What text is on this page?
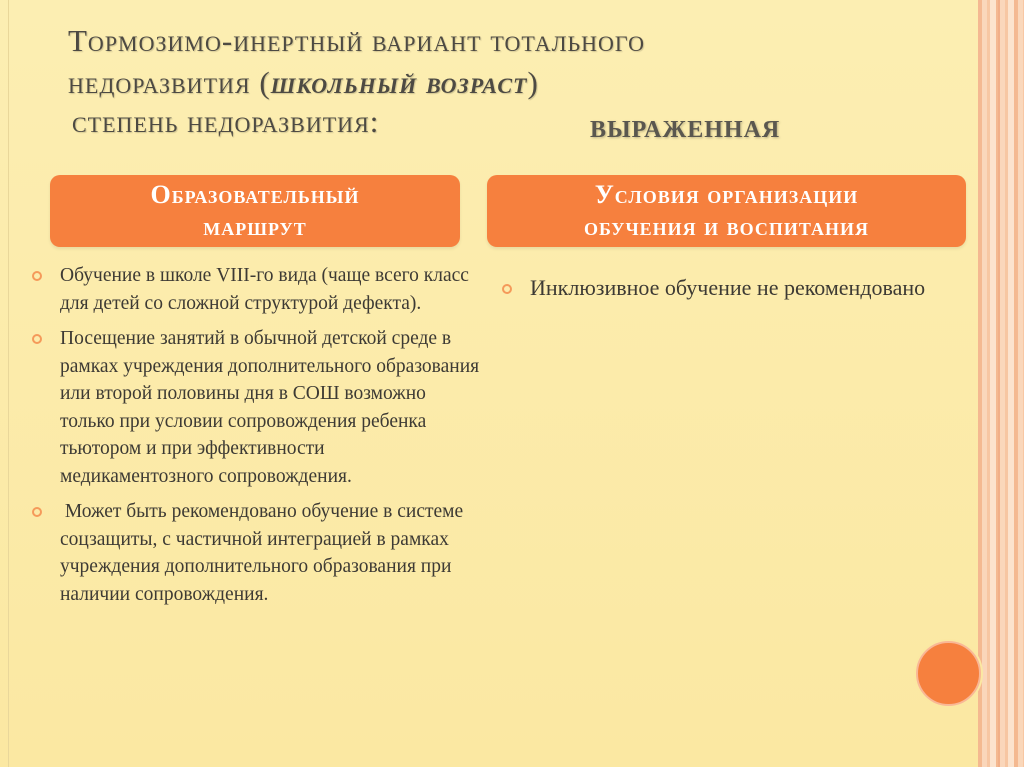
Тормозимо-инертный вариант тотального
недоразвития (школьный возраст)
степень недоразвития:	выраженная
Образовательный
маршрут
Условия организации
обучения и воспитания
Обучение в школе VIII-го вида (чаще всего класс для детей со сложной структурой дефекта).
Посещение занятий в обычной детской среде в рамках учреждения дополнительного образования или второй половины дня в СОШ возможно только при условии сопровождения ребенка тьютором и при эффективности медикаментозного сопровождения.
Может быть рекомендовано обучение в системе соцзащиты, с частичной интеграцией в рамках учреждения дополнительного образования при наличии сопровождения.
Инклюзивное обучение не рекомендовано
